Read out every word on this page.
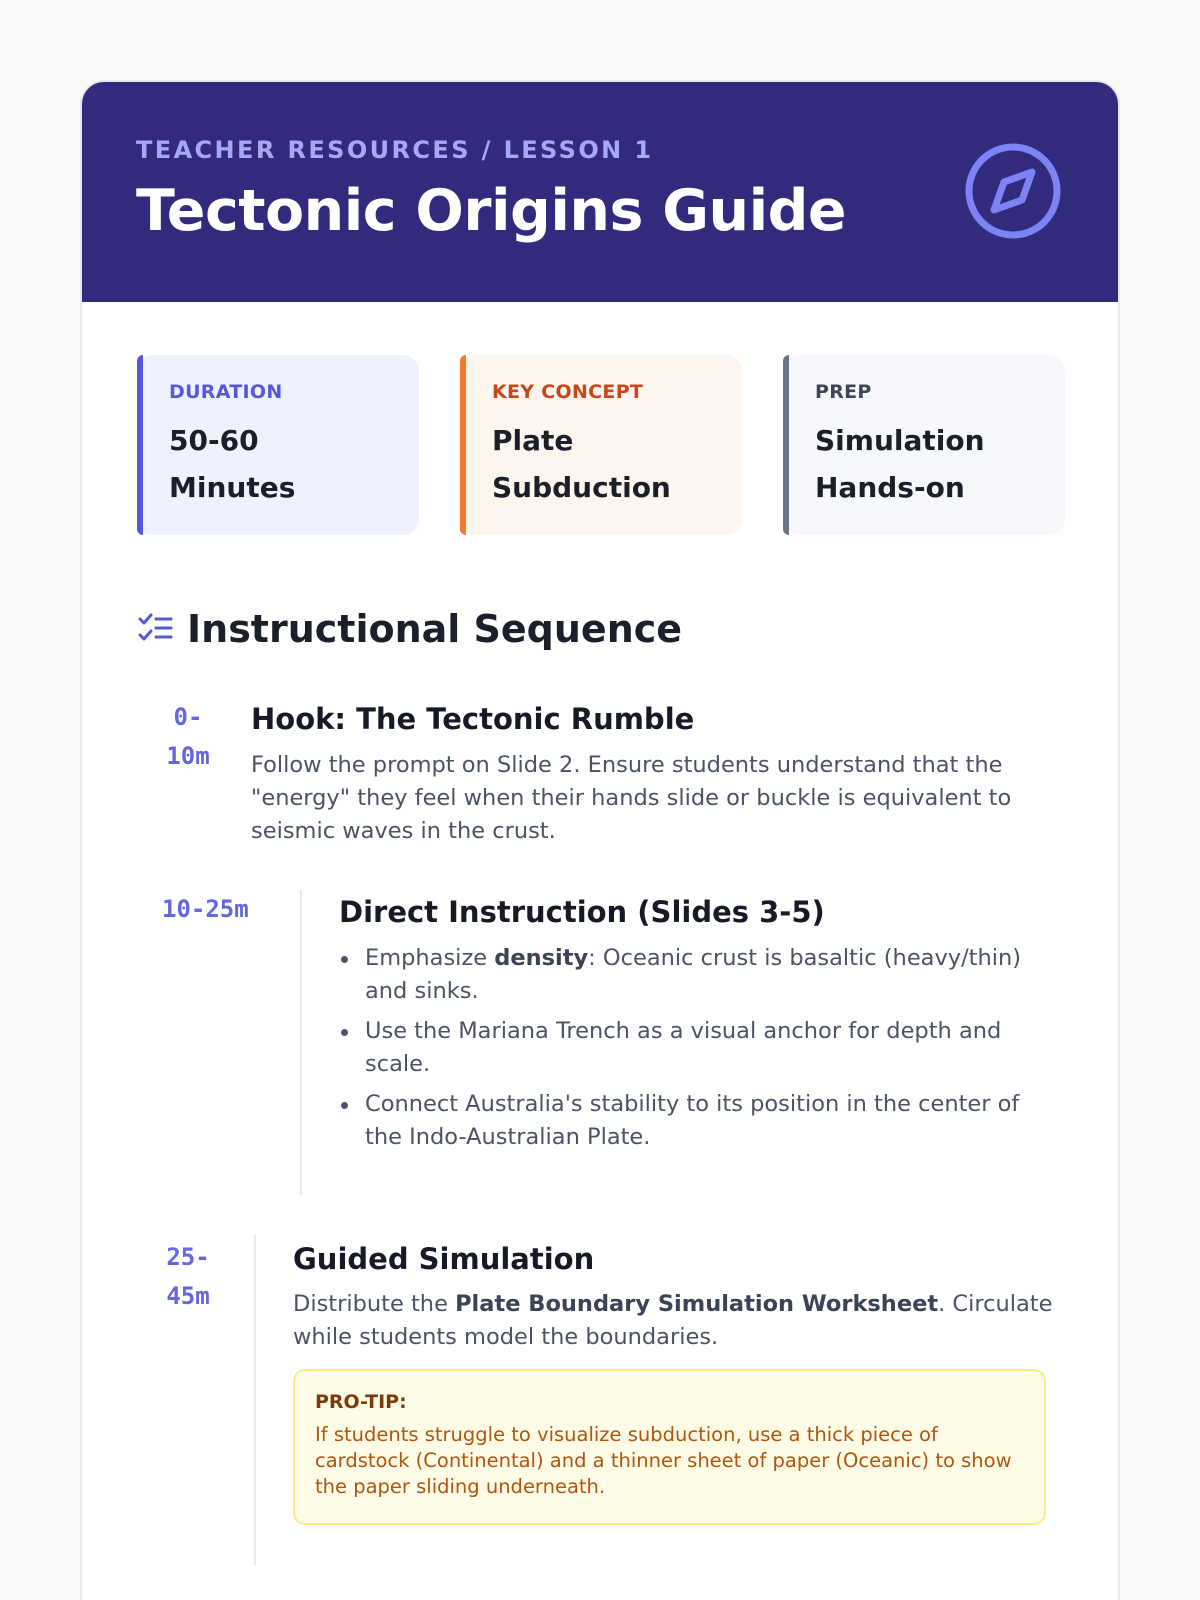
TEACHER RESOURCES / LESSON 1
Tectonic Origins Guide
DURATION
50-60 Minutes
KEY CONCEPT
Plate Subduction
PREP
Simulation Hands-on
Instructional Sequence
0-10m
Hook: The Tectonic Rumble
Follow the prompt on Slide 2. Ensure students understand that the "energy" they feel when their hands slide or buckle is equivalent to seismic waves in the crust.
10-25m	Direct Instruction (Slides 3-5)
Emphasize density: Oceanic crust is basaltic (heavy/thin) and sinks.
Use the Mariana Trench as a visual anchor for depth and scale.
Connect Australia's stability to its position in the center of the Indo-Australian Plate.
25-45m
Guided Simulation
Distribute the Plate Boundary Simulation Worksheet. Circulate while students model the boundaries.
PRO-TIP:
If students struggle to visualize subduction, use a thick piece of cardstock (Continental) and a thinner sheet of paper (Oceanic) to show the paper sliding underneath.
